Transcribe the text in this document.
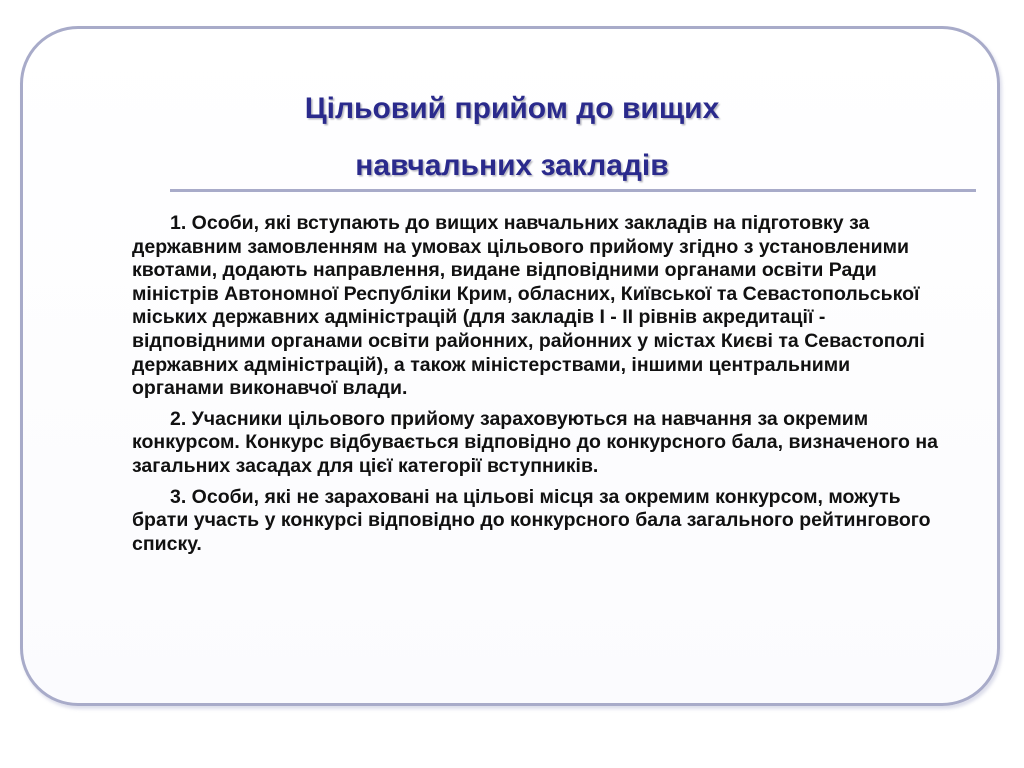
Цільовий прийом до вищих
навчальних закладів

1. Особи, які вступають до вищих навчальних закладів на підготовку за державним замовленням на умовах цільового прийому згідно з установленими квотами, додають направлення, видане відповідними органами освіти Ради міністрів Автономної Республіки Крим, обласних, Київської та Севастопольської міських державних адміністрацій (для закладів I - II рівнів акредитації - відповідними органами освіти районних, районних у містах Києві та Севастополі державних адміністрацій), а також міністерствами, іншими центральними органами виконавчої влади.

2. Учасники цільового прийому зараховуються на навчання за окремим конкурсом. Конкурс відбувається відповідно до конкурсного бала, визначеного на загальних засадах для цієї категорії вступників.

3. Особи, які не зараховані на цільові місця за окремим конкурсом, можуть брати участь у конкурсі відповідно до конкурсного бала загального рейтингового списку.
